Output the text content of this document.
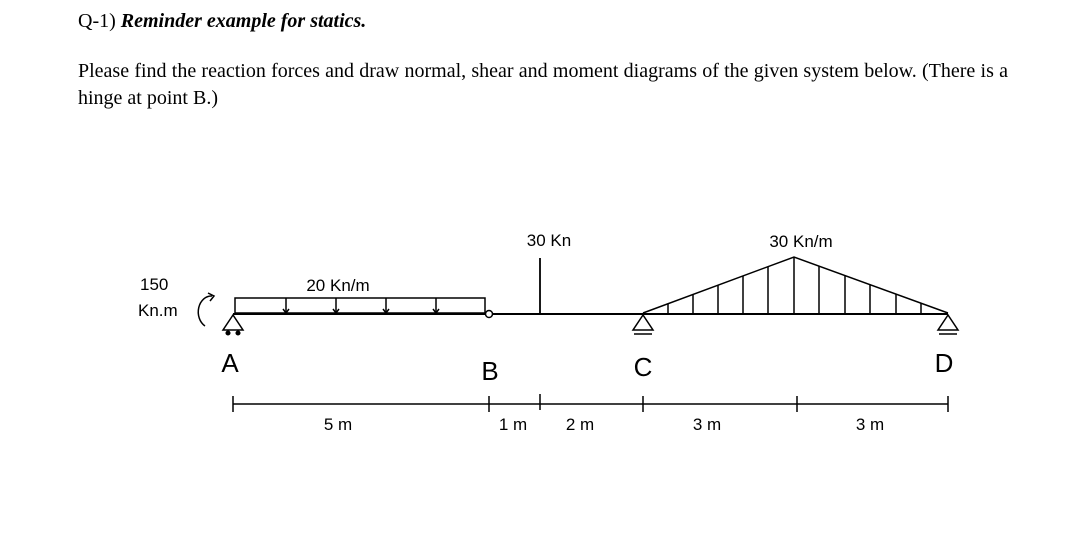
Q-1) Reminder example for statics.
Please find the reaction forces and draw normal, shear and moment diagrams of the given system below. (There is a hinge at point B.)
150
Kn.m
20 Kn/m
30 Kn	30 Kn/m
A	B	C	D
5 m	1 m 2 m	3 m	3 m
